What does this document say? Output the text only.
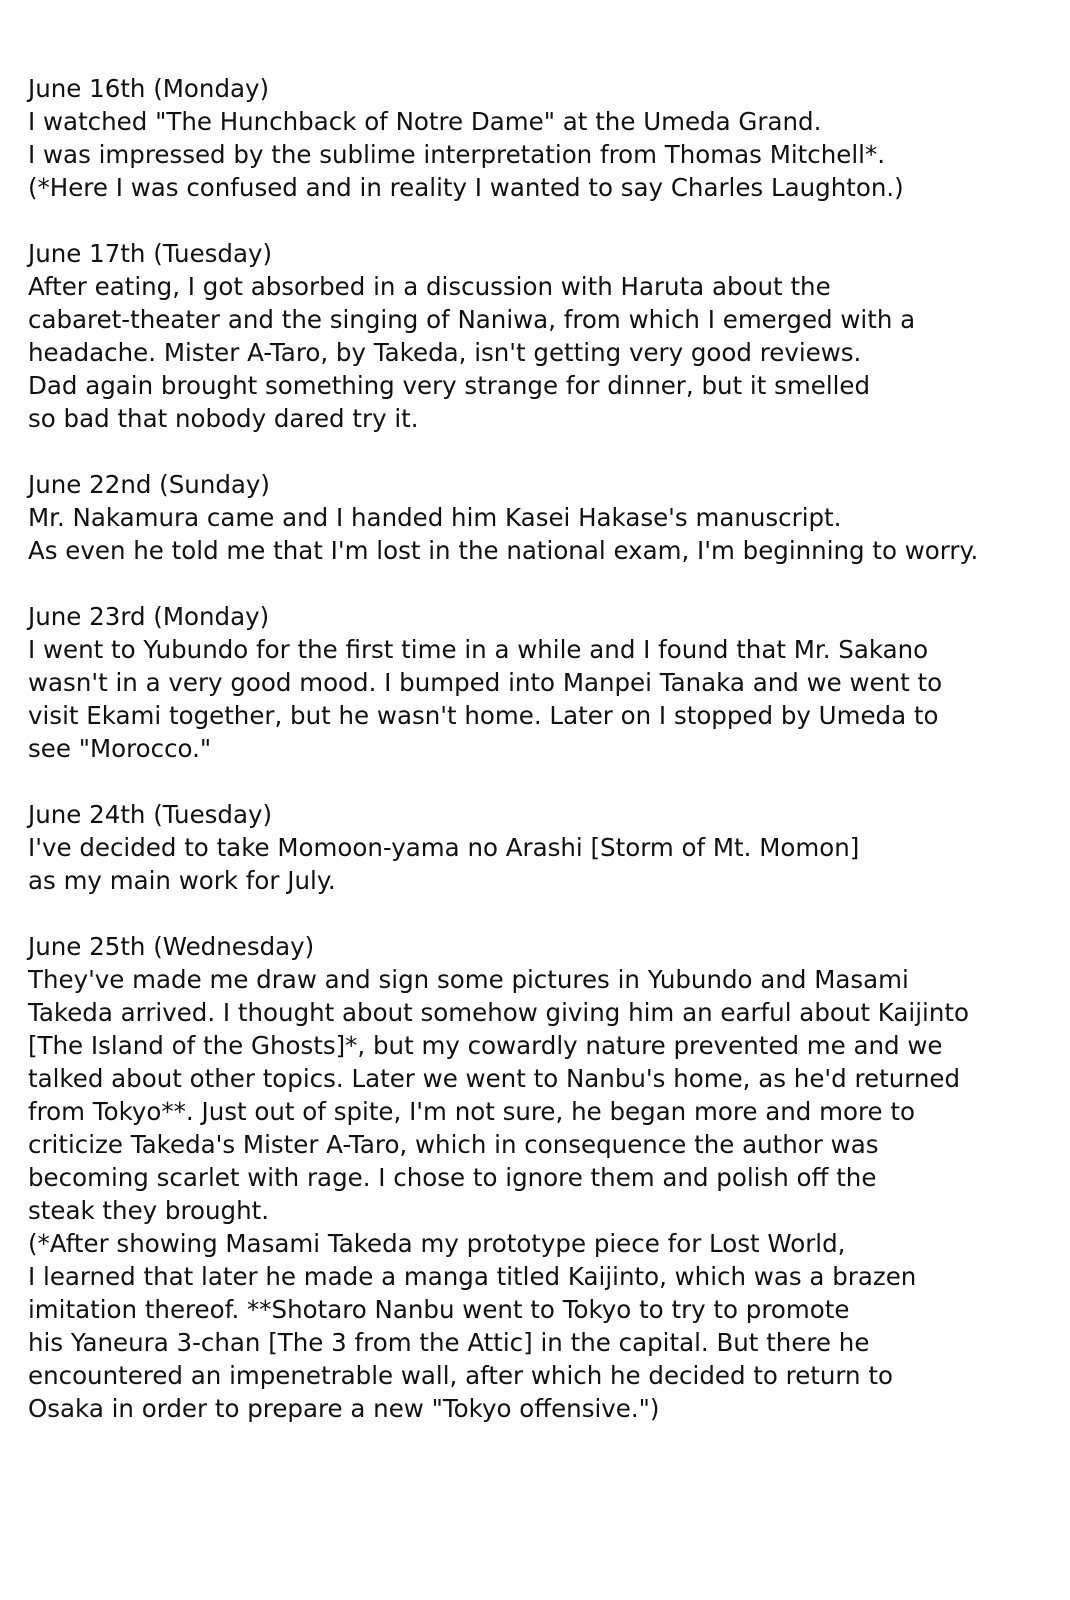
June 16th (Monday)
I watched "The Hunchback of Notre Dame" at the Umeda Grand.
I was impressed by the sublime interpretation from Thomas Mitchell*.
(*Here I was confused and in reality I wanted to say Charles Laughton.)
June 17th (Tuesday)
After eating, I got absorbed in a discussion with Haruta about the
cabaret-theater and the singing of Naniwa, from which I emerged with a
headache. Mister A-Taro, by Takeda, isn't getting very good reviews.
Dad again brought something very strange for dinner, but it smelled
so bad that nobody dared try it.
June 22nd (Sunday)
Mr. Nakamura came and I handed him Kasei Hakase's manuscript.
As even he told me that I'm lost in the national exam, I'm beginning to worry.
June 23rd (Monday)
I went to Yubundo for the first time in a while and I found that Mr. Sakano
wasn't in a very good mood. I bumped into Manpei Tanaka and we went to
visit Ekami together, but he wasn't home. Later on I stopped by Umeda to
see "Morocco."
June 24th (Tuesday)
I've decided to take Momoon-yama no Arashi [Storm of Mt. Momon]
as my main work for July.
June 25th (Wednesday)
They've made me draw and sign some pictures in Yubundo and Masami
Takeda arrived. I thought about somehow giving him an earful about Kaijinto
[The Island of the Ghosts]*, but my cowardly nature prevented me and we
talked about other topics. Later we went to Nanbu's home, as he'd returned
from Tokyo**. Just out of spite, I'm not sure, he began more and more to
criticize Takeda's Mister A-Taro, which in consequence the author was
becoming scarlet with rage. I chose to ignore them and polish off the
steak they brought.
(*After showing Masami Takeda my prototype piece for Lost World,
I learned that later he made a manga titled Kaijinto, which was a brazen
imitation thereof. **Shotaro Nanbu went to Tokyo to try to promote
his Yaneura 3-chan [The 3 from the Attic] in the capital. But there he
encountered an impenetrable wall, after which he decided to return to
Osaka in order to prepare a new "Tokyo offensive.")
